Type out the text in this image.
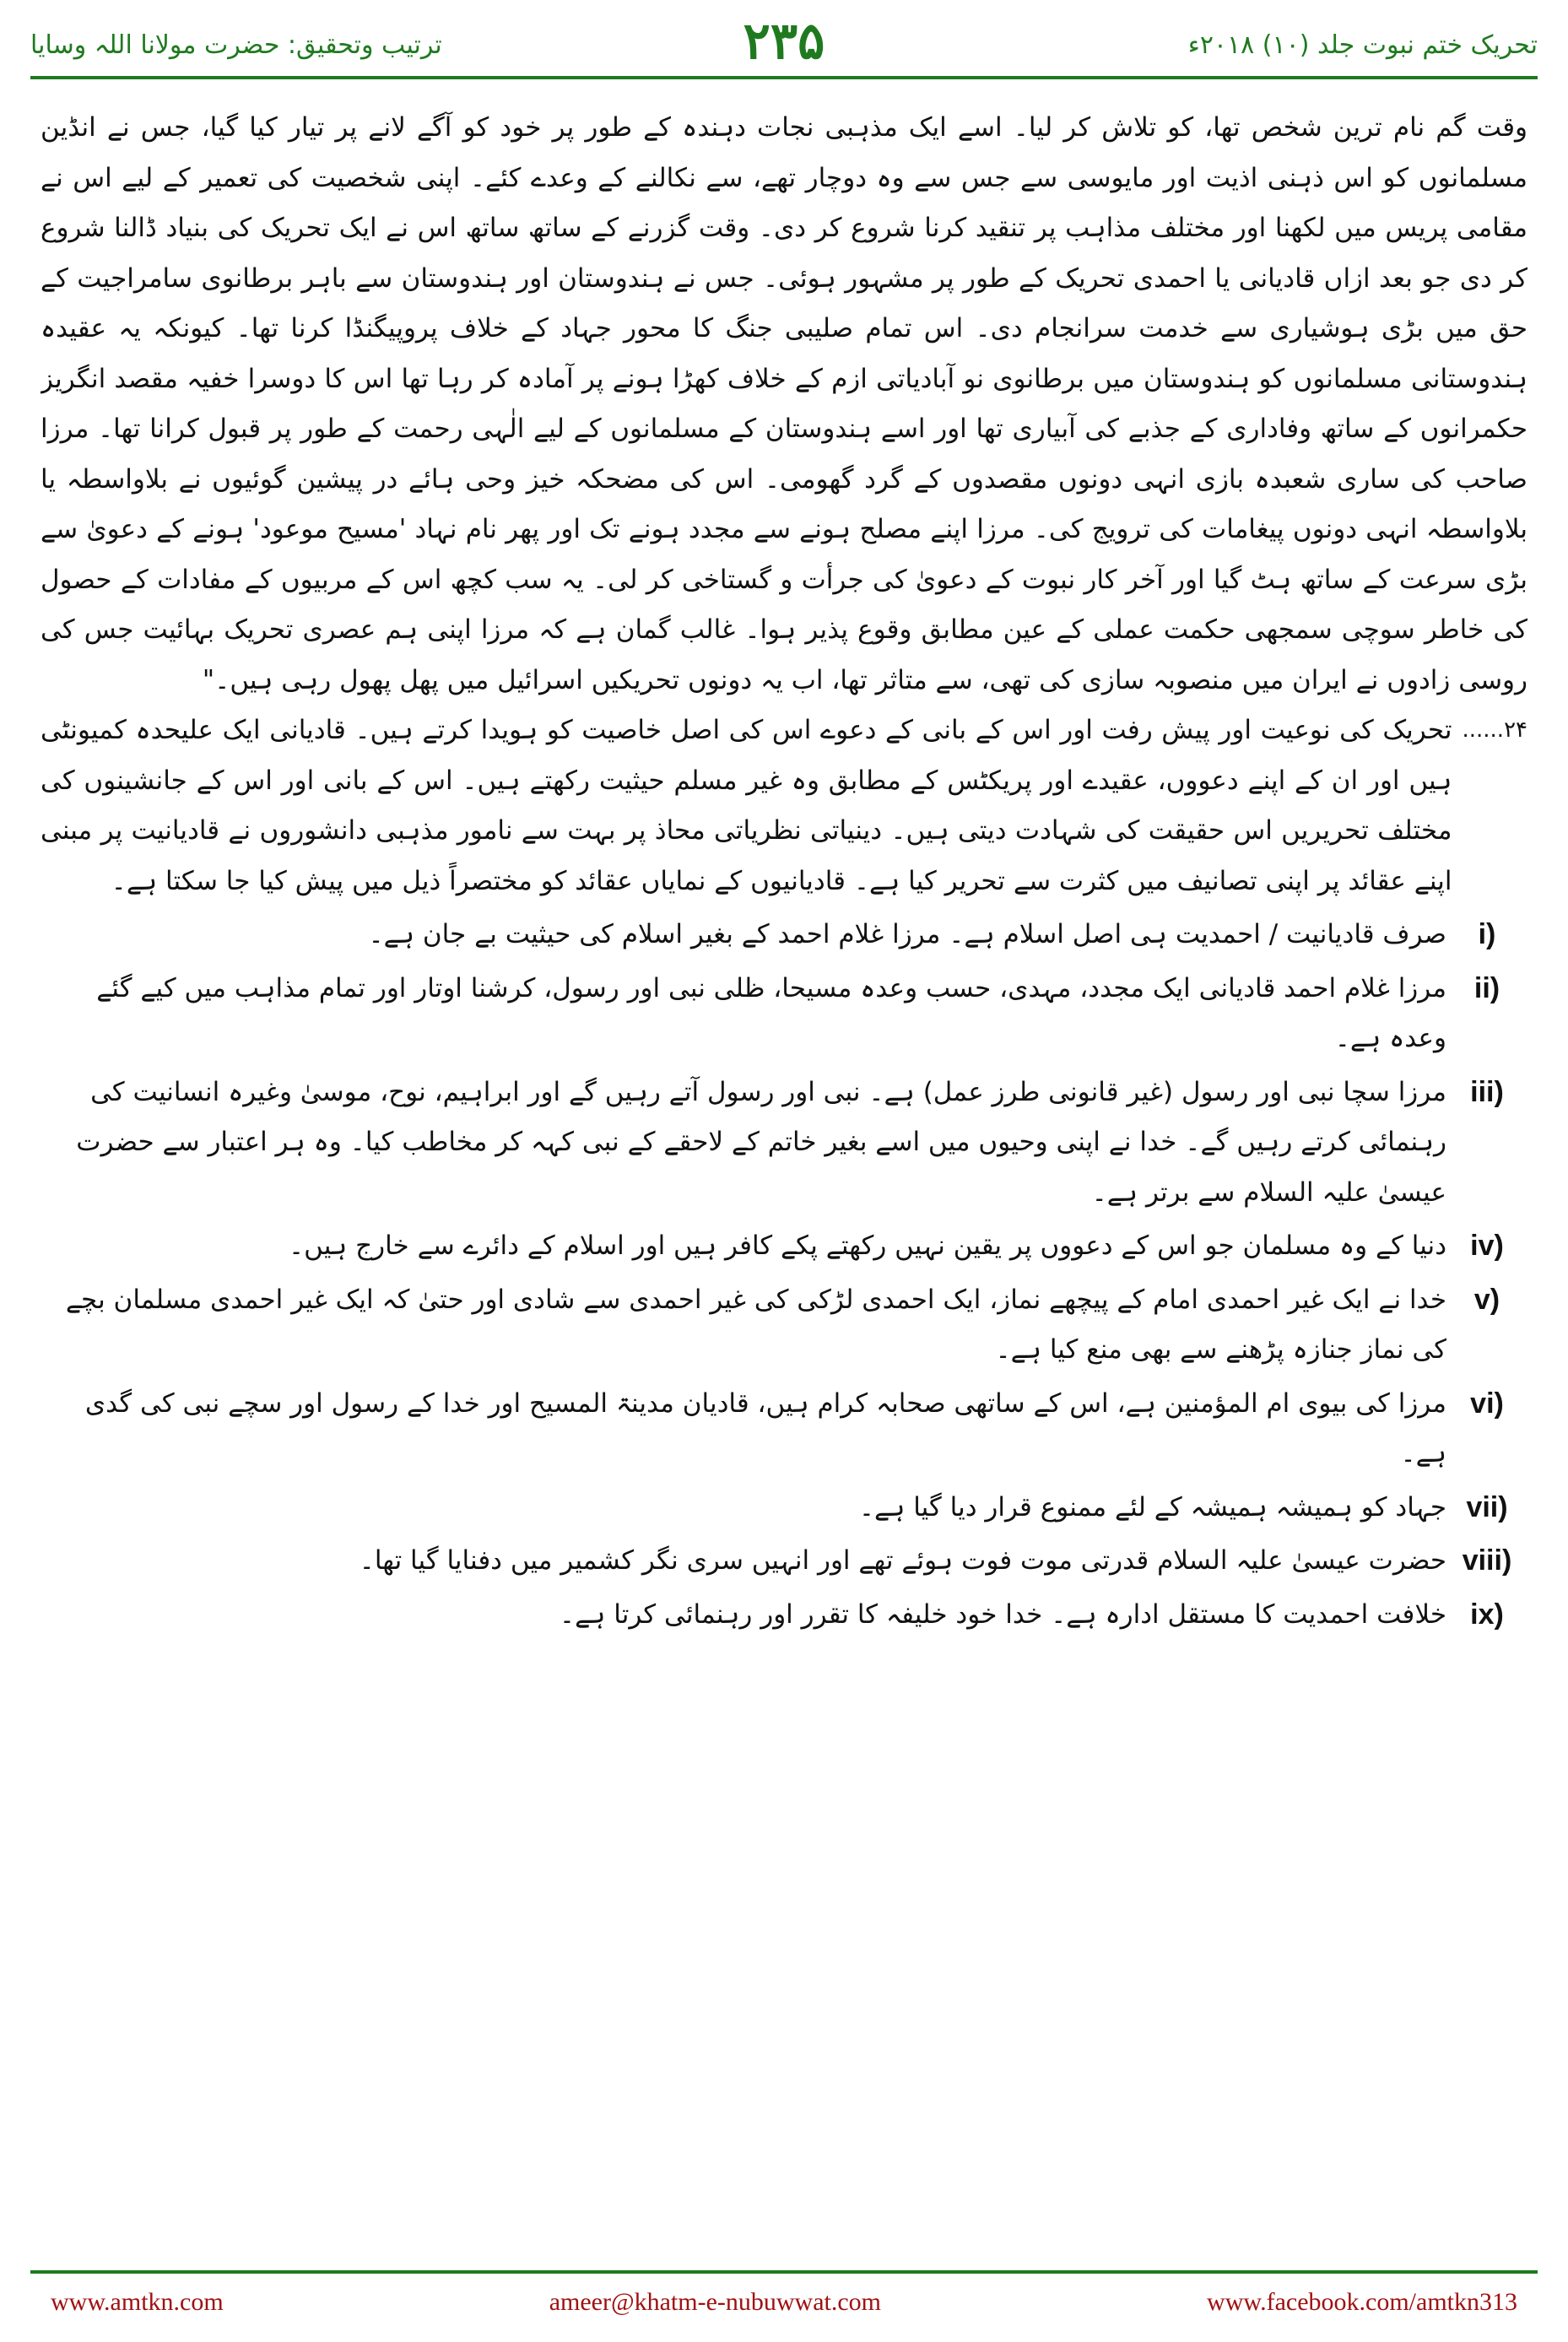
ترتیب وتحقیق: حضرت مولانا اللہ وسایا	۲۳۵	تحریک ختم نبوت جلد (۱۰) ۲۰۱۸ء

وقت گم نام ترین شخص تھا، کو تلاش کر لیا۔ اسے ایک مذہبی نجات دہندہ کے طور پر خود کو آگے لانے پر تیار کیا گیا، جس نے انڈین مسلمانوں کو اس ذہنی اذیت اور مایوسی سے جس سے وہ دوچار تھے، سے نکالنے کے وعدے کئے۔ اپنی شخصیت کی تعمیر کے لیے اس نے مقامی پریس میں لکھنا اور مختلف مذاہب پر تنقید کرنا شروع کر دی۔ وقت گزرنے کے ساتھ ساتھ اس نے ایک تحریک کی بنیاد ڈالنا شروع کر دی جو بعد ازاں قادیانی یا احمدی تحریک کے طور پر مشہور ہوئی۔ جس نے ہندوستان اور ہندوستان سے باہر برطانوی سامراجیت کے حق میں بڑی ہوشیاری سے خدمت سرانجام دی۔ اس تمام صلیبی جنگ کا محور جہاد کے خلاف پروپیگنڈا کرنا تھا۔ کیونکہ یہ عقیدہ ہندوستانی مسلمانوں کو ہندوستان میں برطانوی نو آبادیاتی ازم کے خلاف کھڑا ہونے پر آمادہ کر رہا تھا اس کا دوسرا خفیہ مقصد انگریز حکمرانوں کے ساتھ وفاداری کے جذبے کی آبیاری تھا اور اسے ہندوستان کے مسلمانوں کے لیے الٰہی رحمت کے طور پر قبول کرانا تھا۔ مرزا صاحب کی ساری شعبدہ بازی انہی دونوں مقصدوں کے گرد گھومی۔ اس کی مضحکہ خیز وحی ہائے در پیشین گوئیوں نے بلاواسطہ یا بلاواسطہ انہی دونوں پیغامات کی ترویج کی۔ مرزا اپنے مصلح ہونے سے مجدد ہونے تک اور پھر نام نہاد 'مسیح موعود' ہونے کے دعویٰ سے بڑی سرعت کے ساتھ ہٹ گیا اور آخر کار نبوت کے دعویٰ کی جرأت و گستاخی کر لی۔ یہ سب کچھ اس کے مربیوں کے مفادات کے حصول کی خاطر سوچی سمجھی حکمت عملی کے عین مطابق وقوع پذیر ہوا۔ غالب گمان ہے کہ مرزا اپنی ہم عصری تحریک بہائیت جس کی روسی زادوں نے ایران میں منصوبہ سازی کی تھی، سے متاثر تھا، اب یہ دونوں تحریکیں اسرائیل میں پھل پھول رہی ہیں۔"

۲۴......
تحریک کی نوعیت اور پیش رفت اور اس کے بانی کے دعوے اس کی اصل خاصیت کو ہویدا کرتے ہیں۔ قادیانی ایک علیحدہ کمیونٹی ہیں اور ان کے اپنے دعووں، عقیدے اور پریکٹس کے مطابق وہ غیر مسلم حیثیت رکھتے ہیں۔ اس کے بانی اور اس کے جانشینوں کی مختلف تحریریں اس حقیقت کی شہادت دیتی ہیں۔ دینیاتی نظریاتی محاذ پر بہت سے نامور مذہبی دانشوروں نے قادیانیت پر مبنی اپنے عقائد پر اپنی تصانیف میں کثرت سے تحریر کیا ہے۔ قادیانیوں کے نمایاں عقائد کو مختصراً ذیل میں پیش کیا جا سکتا ہے۔
i)
صرف قادیانیت / احمدیت ہی اصل اسلام ہے۔ مرزا غلام احمد کے بغیر اسلام کی حیثیت بے جان ہے۔
ii)
مرزا غلام احمد قادیانی ایک مجدد، مہدی، حسب وعدہ مسیحا، ظلی نبی اور رسول، کرشنا اوتار اور تمام مذاہب میں کیے گئے وعدہ ہے۔
iii)
مرزا سچا نبی اور رسول (غیر قانونی طرز عمل) ہے۔ نبی اور رسول آتے رہیں گے اور ابراہیم، نوح، موسیٰ وغیرہ انسانیت کی رہنمائی کرتے رہیں گے۔ خدا نے اپنی وحیوں میں اسے بغیر خاتم کے لاحقے کے نبی کہہ کر مخاطب کیا۔ وہ ہر اعتبار سے حضرت عیسیٰ علیہ السلام سے برتر ہے۔
iv)
دنیا کے وہ مسلمان جو اس کے دعووں پر یقین نہیں رکھتے پکے کافر ہیں اور اسلام کے دائرے سے خارج ہیں۔
v)
خدا نے ایک غیر احمدی امام کے پیچھے نماز، ایک احمدی لڑکی کی غیر احمدی سے شادی اور حتیٰ کہ ایک غیر احمدی مسلمان بچے کی نماز جنازہ پڑھنے سے بھی منع کیا ہے۔
vi)
مرزا کی بیوی ام المؤمنین ہے، اس کے ساتھی صحابہ کرام ہیں، قادیان مدینۃ المسیح اور خدا کے رسول اور سچے نبی کی گدی ہے۔
vii)
جہاد کو ہمیشہ ہمیشہ کے لئے ممنوع قرار دیا گیا ہے۔
viii)
حضرت عیسیٰ علیہ السلام قدرتی موت فوت ہوئے تھے اور انہیں سری نگر کشمیر میں دفنایا گیا تھا۔
ix)
خلافت احمدیت کا مستقل ادارہ ہے۔ خدا خود خلیفہ کا تقرر اور رہنمائی کرتا ہے۔
www.amtkn.com	ameer@khatm-e-nubuwwat.com	www.facebook.com/amtkn313
